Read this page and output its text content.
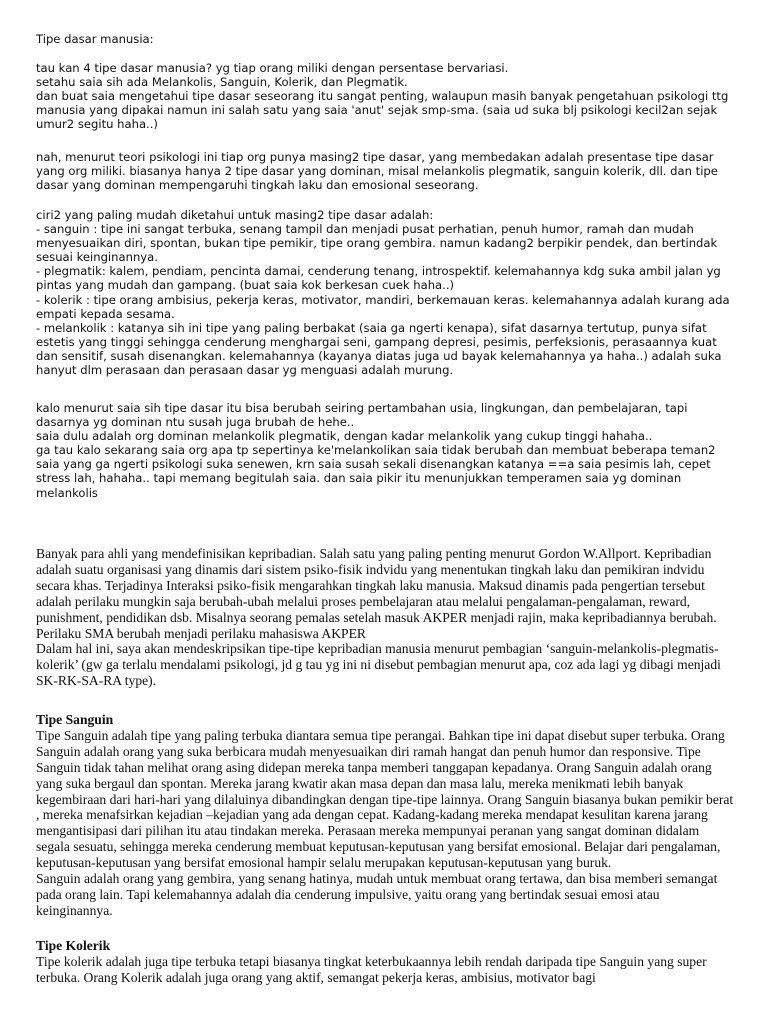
Tipe dasar manusia:

tau kan 4 tipe dasar manusia? yg tiap orang miliki dengan persentase bervariasi.

setahu saia sih ada Melankolis, Sanguin, Kolerik, dan Plegmatik.

dan buat saia mengetahui tipe dasar seseorang itu sangat penting, walaupun masih banyak pengetahuan psikologi ttg manusia yang dipakai namun ini salah satu yang saia 'anut' sejak smp-sma. (saia ud suka blj psikologi kecil2an sejak umur2 segitu haha..)

nah, menurut teori psikologi ini tiap org punya masing2 tipe dasar, yang membedakan adalah presentase tipe dasar yang org miliki. biasanya hanya 2 tipe dasar yang dominan, misal melankolis plegmatik, sanguin kolerik, dll. dan tipe dasar yang dominan mempengaruhi tingkah laku dan emosional seseorang.

ciri2 yang paling mudah diketahui untuk masing2 tipe dasar adalah:

- sanguin : tipe ini sangat terbuka, senang tampil dan menjadi pusat perhatian, penuh humor, ramah dan mudah menyesuaikan diri, spontan, bukan tipe pemikir, tipe orang gembira. namun kadang2 berpikir pendek, dan bertindak sesuai keinginannya.

- plegmatik: kalem, pendiam, pencinta damai, cenderung tenang, introspektif. kelemahannya kdg suka ambil jalan yg pintas yang mudah dan gampang. (buat saia kok berkesan cuek haha..)

- kolerik : tipe orang ambisius, pekerja keras, motivator, mandiri, berkemauan keras. kelemahannya adalah kurang ada empati kepada sesama.

- melankolik : katanya sih ini tipe yang paling berbakat (saia ga ngerti kenapa), sifat dasarnya tertutup, punya sifat estetis yang tinggi sehingga cenderung menghargai seni, gampang depresi, pesimis, perfeksionis, perasaannya kuat dan sensitif, susah disenangkan. kelemahannya (kayanya diatas juga ud bayak kelemahannya ya haha..) adalah suka hanyut dlm perasaan dan perasaan dasar yg menguasi adalah murung.

kalo menurut saia sih tipe dasar itu bisa berubah seiring pertambahan usia, lingkungan, dan pembelajaran, tapi dasarnya yg dominan ntu susah juga brubah de hehe..

saia dulu adalah org dominan melankolik plegmatik, dengan kadar melankolik yang cukup tinggi hahaha..

ga tau kalo sekarang saia org apa tp sepertinya ke'melankolikan saia tidak berubah dan membuat beberapa teman2 saia yang ga ngerti psikologi suka senewen, krn saia susah sekali disenangkan katanya ==a saia pesimis lah, cepet stress lah, hahaha.. tapi memang begitulah saia. dan saia pikir itu menunjukkan temperamen saia yg dominan melankolis

Banyak para ahli yang mendefinisikan kepribadian. Salah satu yang paling penting menurut Gordon W.Allport. Kepribadian adalah suatu organisasi yang dinamis dari sistem psiko-fisik indvidu yang menentukan tingkah laku dan pemikiran indvidu secara khas. Terjadinya Interaksi psiko-fisik mengarahkan tingkah laku manusia. Maksud dinamis pada pengertian tersebut adalah perilaku mungkin saja berubah-ubah melalui proses pembelajaran atau melalui pengalaman-pengalaman, reward, punishment, pendidikan dsb. Misalnya seorang pemalas setelah masuk AKPER menjadi rajin, maka kepribadiannya berubah. Perilaku SMA berubah menjadi perilaku mahasiswa AKPER

Dalam hal ini, saya akan mendeskripsikan tipe-tipe kepribadian manusia menurut pembagian ‘sanguin-melankolis-plegmatis-kolerik’ (gw ga terlalu mendalami psikologi, jd g tau yg ini ni disebut pembagian menurut apa, coz ada lagi yg dibagi menjadi SK-RK-SA-RA type).

Tipe Sanguin

Tipe Sanguin adalah tipe yang paling terbuka diantara semua tipe perangai. Bahkan tipe ini dapat disebut super terbuka. Orang Sanguin adalah orang yang suka berbicara mudah menyesuaikan diri ramah hangat dan penuh humor dan responsive. Tipe Sanguin tidak tahan melihat orang asing didepan mereka tanpa memberi tanggapan kepadanya. Orang Sanguin adalah orang yang suka bergaul dan spontan. Mereka jarang kwatir akan masa depan dan masa lalu, mereka menikmati lebih banyak kegembiraan dari hari-hari yang dilaluinya dibandingkan dengan tipe-tipe lainnya. Orang Sanguin biasanya bukan pemikir berat , mereka menafsirkan kejadian –kejadian yang ada dengan cepat. Kadang-kadang mereka mendapat kesulitan karena jarang mengantisipasi dari pilihan itu atau tindakan mereka. Perasaan mereka mempunyai peranan yang sangat dominan didalam segala sesuatu, sehingga mereka cenderung membuat keputusan-keputusan yang bersifat emosional. Belajar dari pengalaman, keputusan-keputusan yang bersifat emosional hampir selalu merupakan keputusan-keputusan yang buruk.

Sanguin adalah orang yang gembira, yang senang hatinya, mudah untuk membuat orang tertawa, dan bisa memberi semangat pada orang lain. Tapi kelemahannya adalah dia cenderung impulsive, yaitu orang yang bertindak sesuai emosi atau keinginannya.

Tipe Kolerik

Tipe kolerik adalah juga tipe terbuka tetapi biasanya tingkat keterbukaannya lebih rendah daripada tipe Sanguin yang super terbuka. Orang Kolerik adalah juga orang yang aktif, semangat pekerja keras, ambisius, motivator bagi
